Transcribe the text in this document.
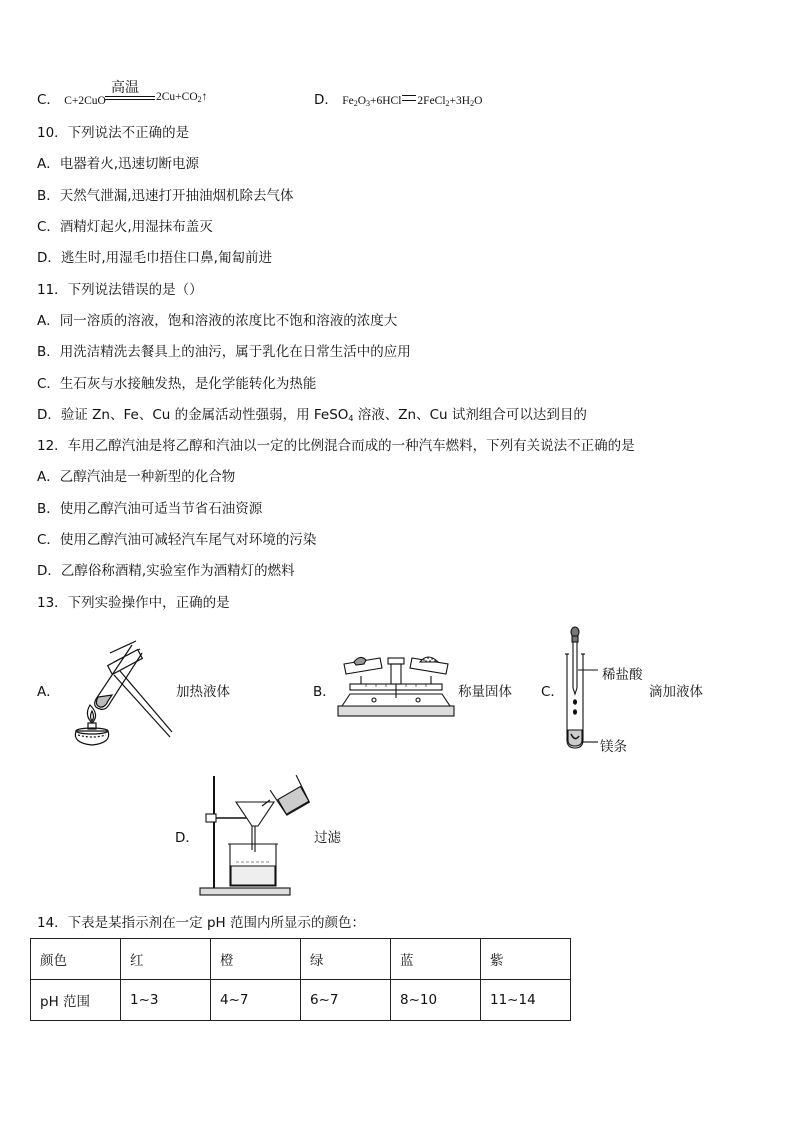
C． C+2CuO
高温
$2Cu+CO_2↑$	D． $Fe_2O_3+6HCl$ $2FeCl_2+3H_2O$
10．下列说法不正确的是
A．电器着火,迅速切断电源
B．天然气泄漏,迅速打开抽油烟机除去气体
C．酒精灯起火,用湿抹布盖灭
D．逃生时,用湿毛巾捂住口鼻,匍匐前进
11．下列说法错误的是（）
A．同一溶质的溶液，饱和溶液的浓度比不饱和溶液的浓度大
B．用洗洁精洗去餐具上的油污，属于乳化在日常生活中的应用
C．生石灰与水接触发热，是化学能转化为热能
D．验证 Zn、Fe、Cu 的金属活动性强弱，用 FeSO$_4$ 溶液、Zn、Cu 试剂组合可以达到目的
12．车用乙醇汽油是将乙醇和汽油以一定的比例混合而成的一种汽车燃料，下列有关说法不正确的是
A．乙醇汽油是一种新型的化合物
B．使用乙醇汽油可适当节省石油资源
C．使用乙醇汽油可减轻汽车尾气对环境的污染
D．乙醇俗称酒精,实验室作为酒精灯的燃料
13．下列实验操作中，正确的是
A．	加热液体	B．	称量固体 C．
稀盐酸
镁条
滴加液体
D．	过滤
14．下表是某指示剂在一定 pH 范围内所显示的颜色：
颜色	红	橙	绿	蓝	紫
pH 范围	1~3	4~7	6~7	8~10	11~14
